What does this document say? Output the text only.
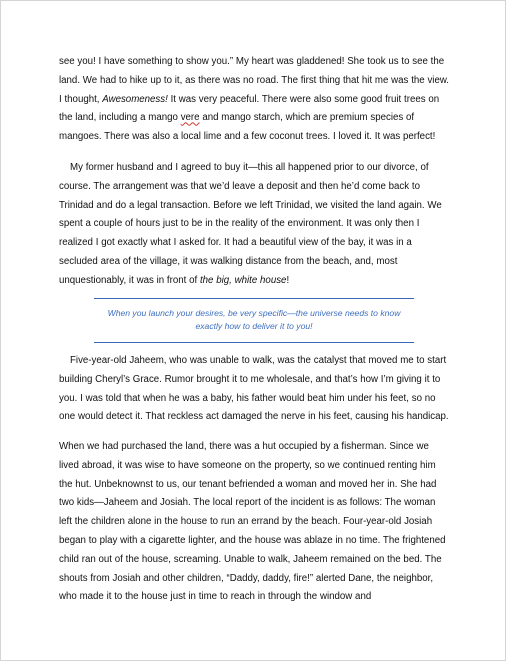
see you! I have something to show you.” My heart was gladdened! She took us to see the land. We had to hike up to it, as there was no road. The first thing that hit me was the view. I thought, Awesomeness! It was very peaceful. There were also some good fruit trees on the land, including a mango vere and mango starch, which are premium species of mangoes. There was also a local lime and a few coconut trees. I loved it. It was perfect!

My former husband and I agreed to buy it—this all happened prior to our divorce, of course. The arrangement was that we’d leave a deposit and then he’d come back to Trinidad and do a legal transaction. Before we left Trinidad, we visited the land again. We spent a couple of hours just to be in the reality of the environment. It was only then I realized I got exactly what I asked for. It had a beautiful view of the bay, it was in a secluded area of the village, it was walking distance from the beach, and, most unquestionably, it was in front of the big, white house!

When you launch your desires, be very specific—the universe needs to know
exactly how to deliver it to you!

Five-year-old Jaheem, who was unable to walk, was the catalyst that moved me to start building Cheryl’s Grace. Rumor brought it to me wholesale, and that’s how I’m giving it to you. I was told that when he was a baby, his father would beat him under his feet, so no one would detect it. That reckless act damaged the nerve in his feet, causing his handicap.

When we had purchased the land, there was a hut occupied by a fisherman. Since we lived abroad, it was wise to have someone on the property, so we continued renting him the hut. Unbeknownst to us, our tenant befriended a woman and moved her in. She had two kids—Jaheem and Josiah. The local report of the incident is as follows: The woman left the children alone in the house to run an errand by the beach. Four-year-old Josiah began to play with a cigarette lighter, and the house was ablaze in no time. The frightened child ran out of the house, screaming. Unable to walk, Jaheem remained on the bed. The shouts from Josiah and other children, “Daddy, daddy, fire!” alerted Dane, the neighbor, who made it to the house just in time to reach in through the window and
